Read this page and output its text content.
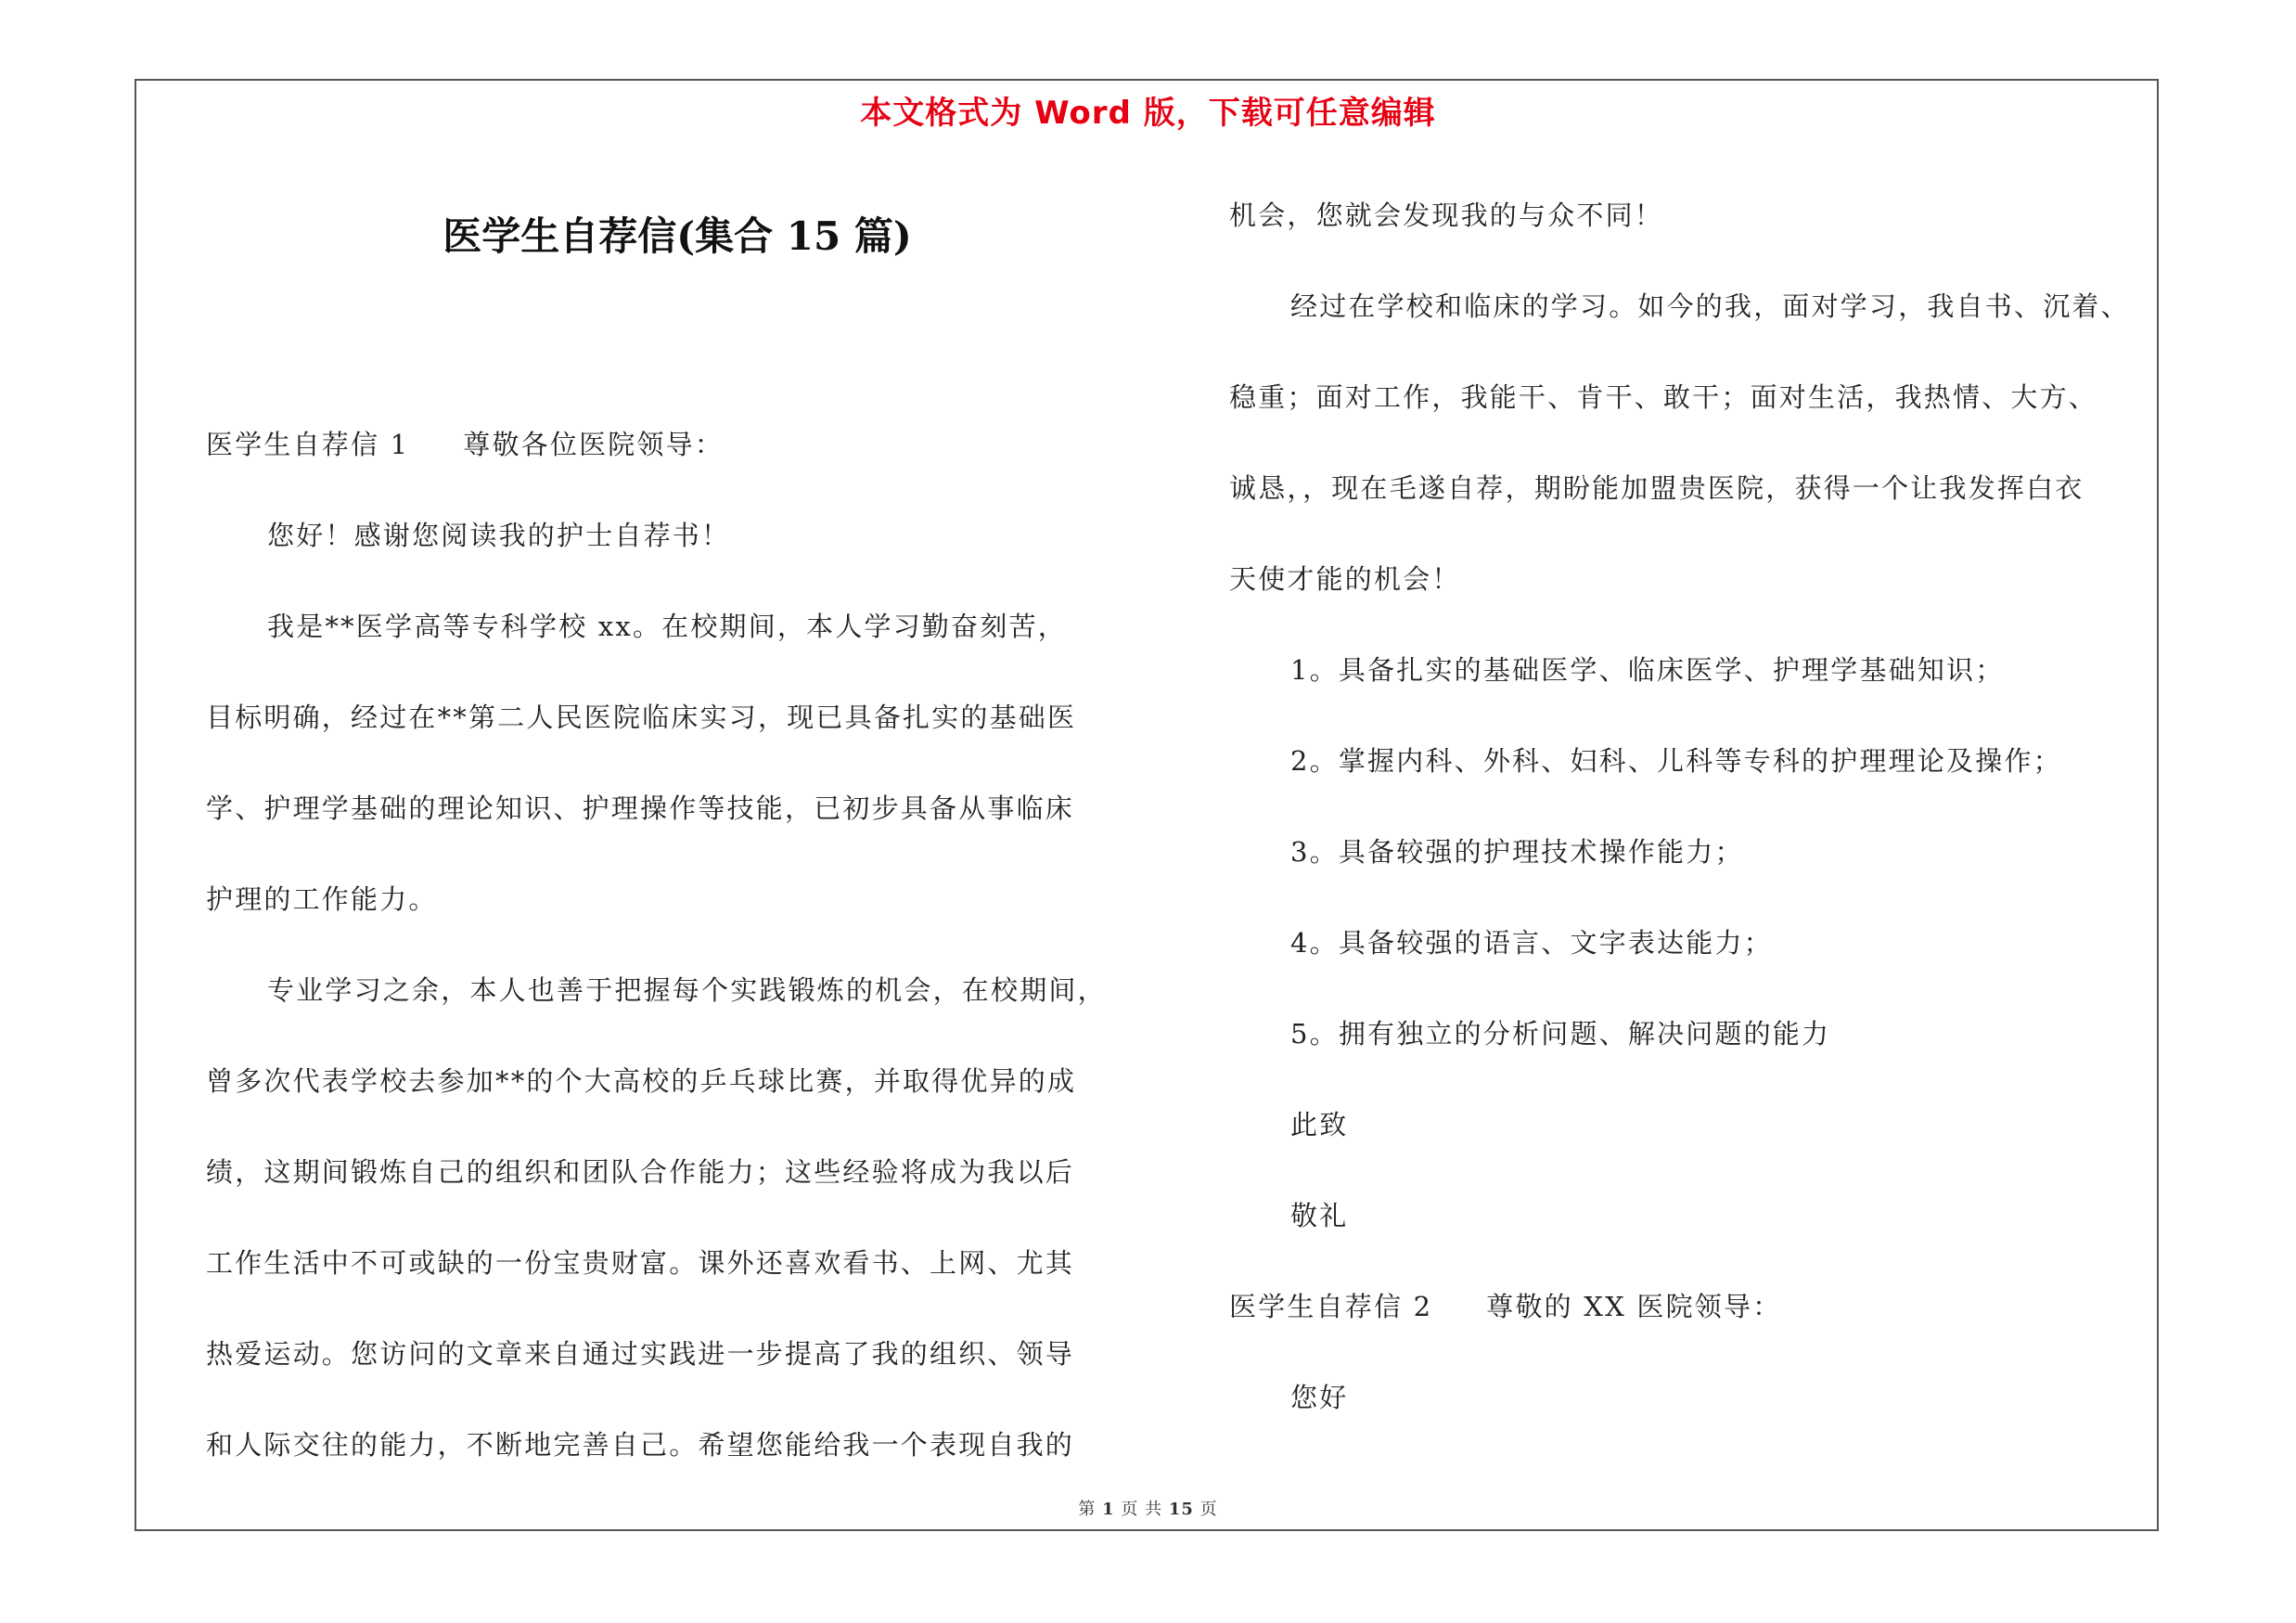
本文格式为 Word 版，下载可任意编辑
医学生自荐信(集合 15 篇)
医学生自荐信 1 尊敬各位医院领导：
您好！感谢您阅读我的护士自荐书！
我是**医学高等专科学校 xx。在校期间，本人学习勤奋刻苦，
目标明确，经过在**第二人民医院临床实习，现已具备扎实的基础医
学、护理学基础的理论知识、护理操作等技能，已初步具备从事临床
护理的工作能力。
专业学习之余，本人也善于把握每个实践锻炼的机会，在校期间，
曾多次代表学校去参加**的个大高校的乒乓球比赛，并取得优异的成
绩，这期间锻炼自己的组织和团队合作能力；这些经验将成为我以后
工作生活中不可或缺的一份宝贵财富。课外还喜欢看书、上网、尤其
热爱运动。您访问的文章来自通过实践进一步提高了我的组织、领导
和人际交往的能力，不断地完善自己。希望您能给我一个表现自我的
机会，您就会发现我的与众不同！
经过在学校和临床的学习。如今的我，面对学习，我自书、沉着、
稳重；面对工作，我能干、肯干、敢干；面对生活，我热情、大方、
诚恳，，现在毛遂自荐，期盼能加盟贵医院，获得一个让我发挥白衣
天使才能的机会！
1。具备扎实的基础医学、临床医学、护理学基础知识；
2。掌握内科、外科、妇科、儿科等专科的护理理论及操作；
3。具备较强的护理技术操作能力；
4。具备较强的语言、文字表达能力；
5。拥有独立的分析问题、解决问题的能力
此致
敬礼
医学生自荐信 2 尊敬的 XX 医院领导：
您好
第 1 页 共 15 页
